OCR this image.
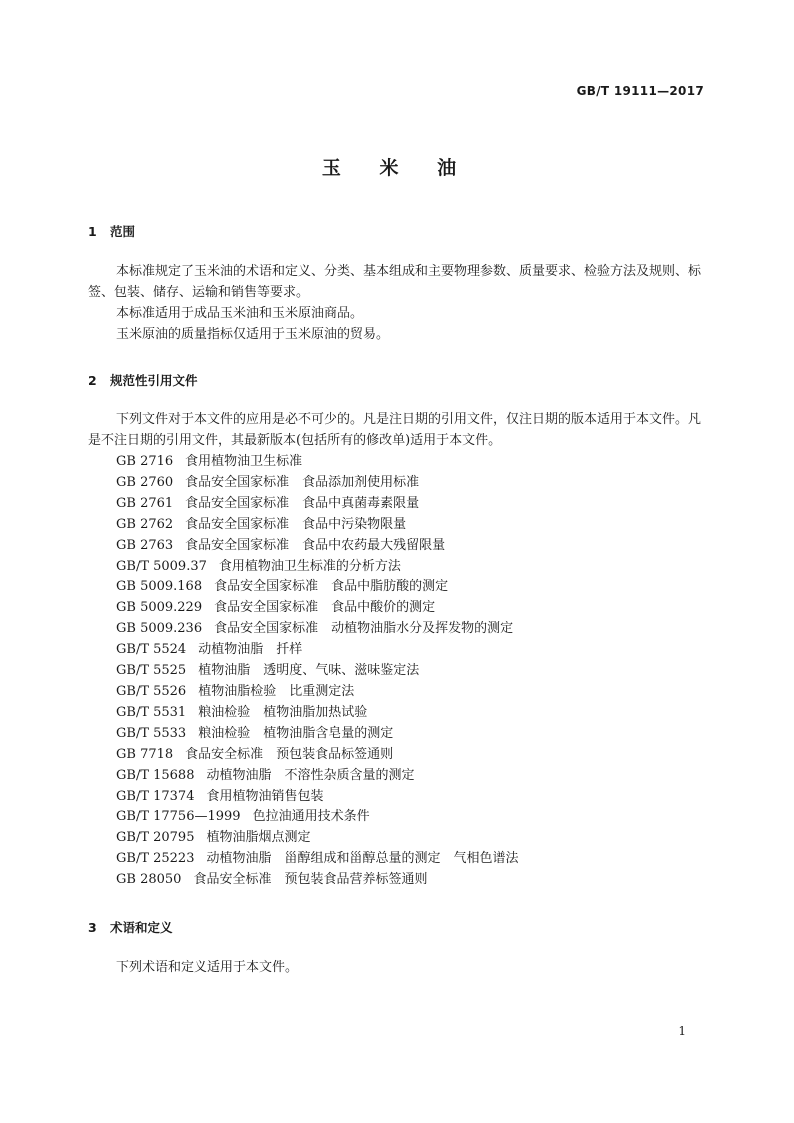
GB/T 19111—2017
玉 米 油
1 范围

本标准规定了玉米油的术语和定义、分类、基本组成和主要物理参数、质量要求、检验方法及规则、标签、包装、储存、运输和销售等要求。

本标准适用于成品玉米油和玉米原油商品。

玉米原油的质量指标仅适用于玉米原油的贸易。

2 规范性引用文件

下列文件对于本文件的应用是必不可少的。凡是注日期的引用文件，仅注日期的版本适用于本文件。凡是不注日期的引用文件，其最新版本(包括所有的修改单)适用于本文件。

GB 2716 食用植物油卫生标准
GB 2760 食品安全国家标准　食品添加剂使用标准
GB 2761 食品安全国家标准　食品中真菌毒素限量
GB 2762 食品安全国家标准　食品中污染物限量
GB 2763 食品安全国家标准　食品中农药最大残留限量
GB/T 5009.37 食用植物油卫生标准的分析方法
GB 5009.168 食品安全国家标准　食品中脂肪酸的测定
GB 5009.229 食品安全国家标准　食品中酸价的测定
GB 5009.236 食品安全国家标准　动植物油脂水分及挥发物的测定
GB/T 5524 动植物油脂　扦样
GB/T 5525 植物油脂　透明度、气味、滋味鉴定法
GB/T 5526 植物油脂检验　比重测定法
GB/T 5531 粮油检验　植物油脂加热试验
GB/T 5533 粮油检验　植物油脂含皂量的测定
GB 7718 食品安全标准　预包装食品标签通则
GB/T 15688 动植物油脂　不溶性杂质含量的测定
GB/T 17374 食用植物油销售包装
GB/T 17756—1999 色拉油通用技术条件
GB/T 20795 植物油脂烟点测定
GB/T 25223 动植物油脂　甾醇组成和甾醇总量的测定　气相色谱法
GB 28050 食品安全标准　预包装食品营养标签通则
3 术语和定义

下列术语和定义适用于本文件。

1
